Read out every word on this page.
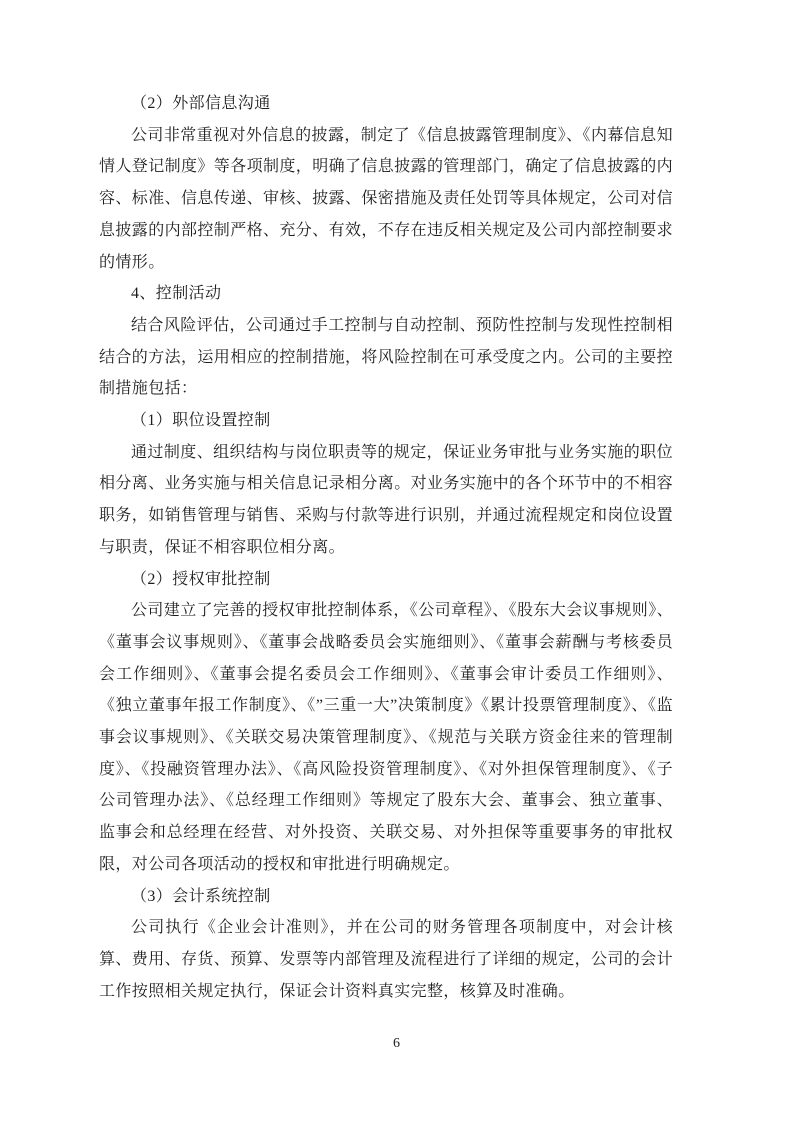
（2）外部信息沟通

公司非常重视对外信息的披露，制定了《信息披露管理制度》、《内幕信息知情人登记制度》等各项制度，明确了信息披露的管理部门，确定了信息披露的内容、标准、信息传递、审核、披露、保密措施及责任处罚等具体规定，公司对信息披露的内部控制严格、充分、有效，不存在违反相关规定及公司内部控制要求的情形。

4、控制活动

结合风险评估，公司通过手工控制与自动控制、预防性控制与发现性控制相结合的方法，运用相应的控制措施，将风险控制在可承受度之内。公司的主要控制措施包括：

（1）职位设置控制

通过制度、组织结构与岗位职责等的规定，保证业务审批与业务实施的职位相分离、业务实施与相关信息记录相分离。对业务实施中的各个环节中的不相容职务，如销售管理与销售、采购与付款等进行识别，并通过流程规定和岗位设置与职责，保证不相容职位相分离。

（2）授权审批控制

公司建立了完善的授权审批控制体系，《公司章程》、《股东大会议事规则》、《董事会议事规则》、《董事会战略委员会实施细则》、《董事会薪酬与考核委员会工作细则》、《董事会提名委员会工作细则》、《董事会审计委员工作细则》、《独立董事年报工作制度》、《”三重一大”决策制度》《累计投票管理制度》、《监事会议事规则》、《关联交易决策管理制度》、《规范与关联方资金往来的管理制度》、《投融资管理办法》、《高风险投资管理制度》、《对外担保管理制度》、《子公司管理办法》、《总经理工作细则》等规定了股东大会、董事会、独立董事、监事会和总经理在经营、对外投资、关联交易、对外担保等重要事务的审批权限，对公司各项活动的授权和审批进行明确规定。

（3）会计系统控制

公司执行《企业会计准则》，并在公司的财务管理各项制度中，对会计核算、费用、存货、预算、发票等内部管理及流程进行了详细的规定，公司的会计工作按照相关规定执行，保证会计资料真实完整，核算及时准确。

6
